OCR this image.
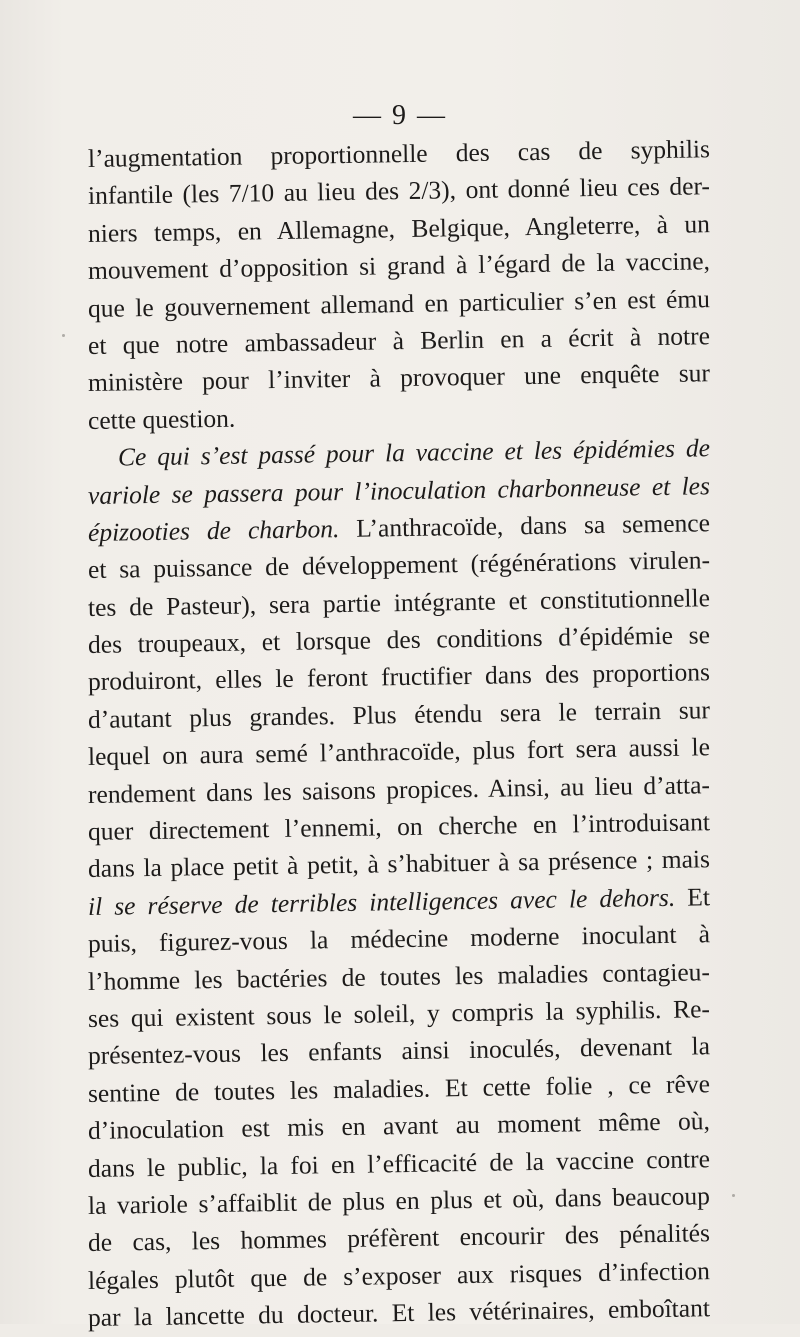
— 9 —
l’augmentation proportionnelle des cas de syphilis
infantile (les 7/10 au lieu des 2/3), ont donné lieu ces der-
niers temps, en Allemagne, Belgique, Angleterre, à un
mouvement d’opposition si grand à l’égard de la vaccine,
que le gouvernement allemand en particulier s’en est ému
et que notre ambassadeur à Berlin en a écrit à notre
ministère pour l’inviter à provoquer une enquête sur
cette question.
Ce qui s’est passé pour la vaccine et les épidémies de
variole se passera pour l’inoculation charbonneuse et les
épizooties de charbon. L’anthracoïde, dans sa semence
et sa puissance de développement (régénérations virulen-
tes de Pasteur), sera partie intégrante et constitutionnelle
des troupeaux, et lorsque des conditions d’épidémie se
produiront, elles le feront fructifier dans des proportions
d’autant plus grandes. Plus étendu sera le terrain sur
lequel on aura semé l’anthracoïde, plus fort sera aussi le
rendement dans les saisons propices. Ainsi, au lieu d’atta-
quer directement l’ennemi, on cherche en l’introduisant
dans la place petit à petit, à s’habituer à sa présence ; mais
il se réserve de terribles intelligences avec le dehors. Et
puis, figurez-vous la médecine moderne inoculant à
l’homme les bactéries de toutes les maladies contagieu-
ses qui existent sous le soleil, y compris la syphilis. Re-
présentez-vous les enfants ainsi inoculés, devenant la
sentine de toutes les maladies. Et cette folie , ce rêve
d’inoculation est mis en avant au moment même où,
dans le public, la foi en l’efficacité de la vaccine contre
la variole s’affaiblit de plus en plus et où, dans beaucoup
de cas, les hommes préfèrent encourir des pénalités
légales plutôt que de s’exposer aux risques d’infection
par la lancette du docteur. Et les vétérinaires, emboîtant
